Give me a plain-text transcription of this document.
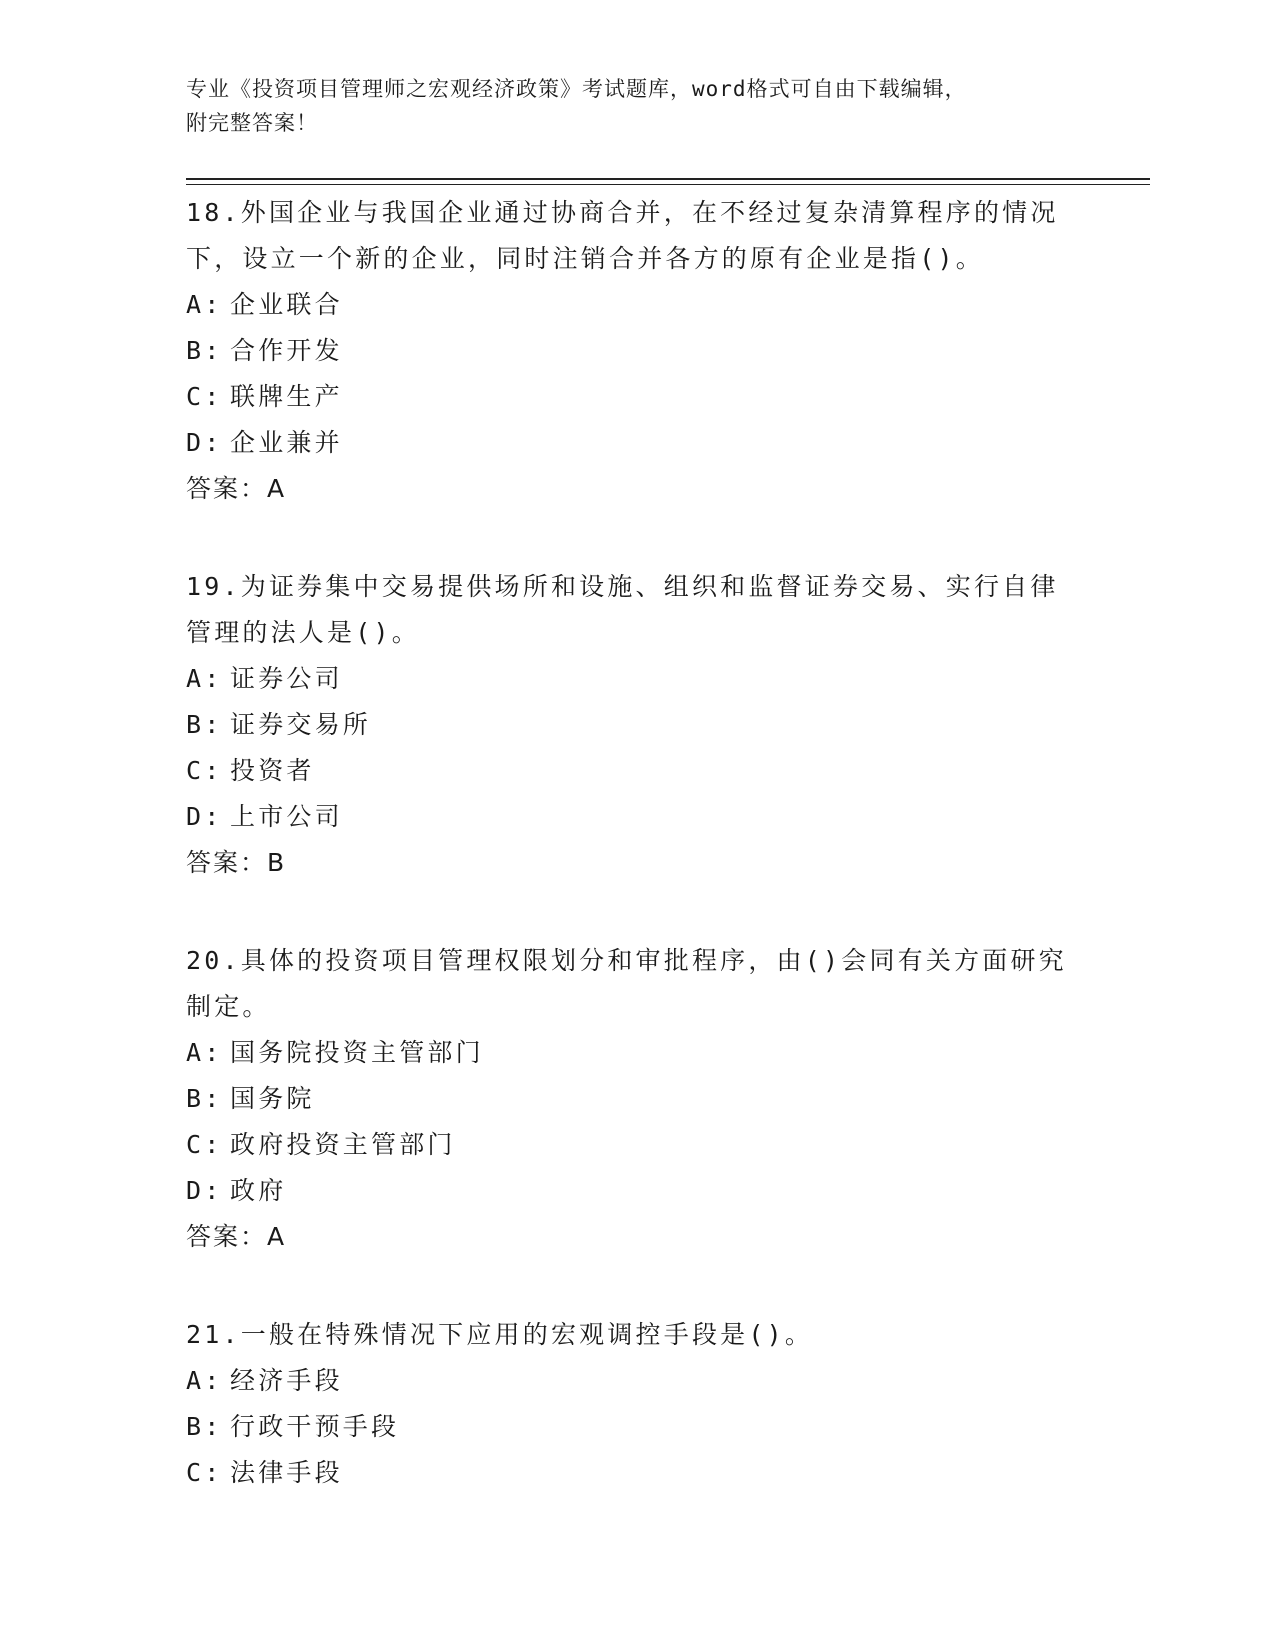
专业《投资项目管理师之宏观经济政策》考试题库，word格式可自由下载编辑，
附完整答案！
18.外国企业与我国企业通过协商合并，在不经过复杂清算程序的情况下，设立一个新的企业，同时注销合并各方的原有企业是指()。
A: 企业联合
B: 合作开发
C: 联牌生产
D: 企业兼并
答案：A
19.为证券集中交易提供场所和设施、组织和监督证券交易、实行自律管理的法人是()。
A: 证券公司
B: 证券交易所
C: 投资者
D: 上市公司
答案：B
20.具体的投资项目管理权限划分和审批程序，由()会同有关方面研究制定。
A: 国务院投资主管部门
B: 国务院
C: 政府投资主管部门
D: 政府
答案：A
21.一般在特殊情况下应用的宏观调控手段是()。
A: 经济手段
B: 行政干预手段
C: 法律手段
